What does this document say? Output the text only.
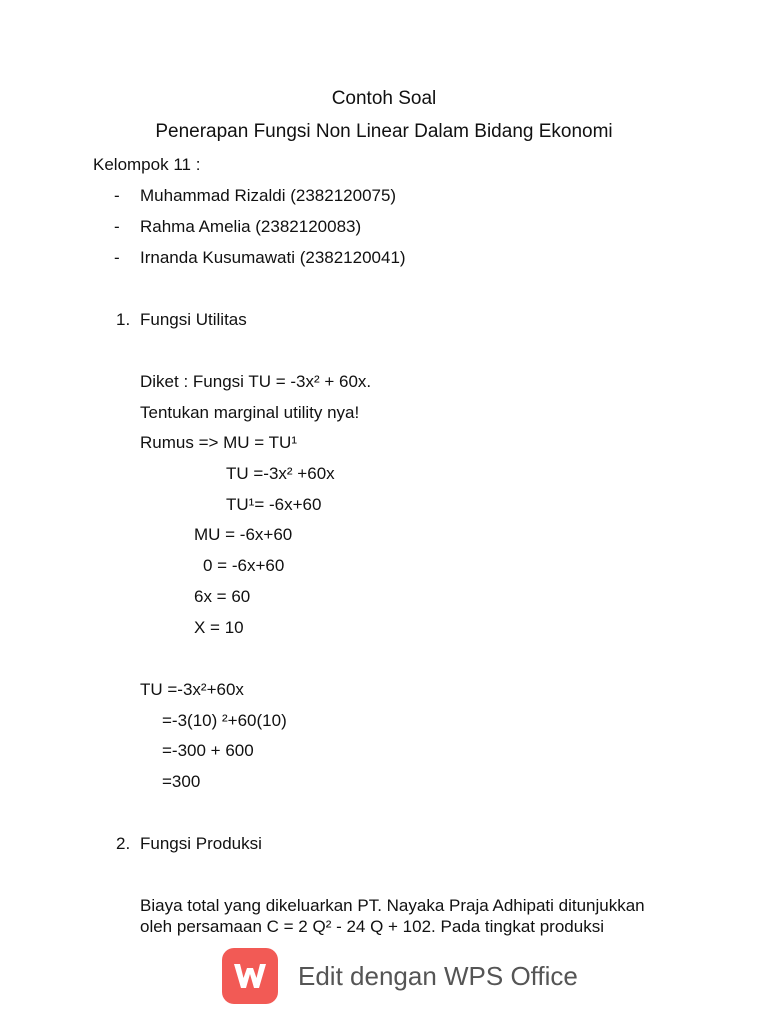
Contoh Soal
Penerapan Fungsi Non Linear Dalam Bidang Ekonomi
Kelompok 11 :
- Muhammad Rizaldi (2382120075)
- Rahma Amelia (2382120083)
- Irnanda Kusumawati (2382120041)
1. Fungsi Utilitas
Diket : Fungsi TU = -3x² + 60x.
Tentukan marginal utility nya!
Rumus => MU = TU¹
TU =-3x² +60x
TU¹= -6x+60
MU = -6x+60
0 = -6x+60
6x = 60
X = 10
TU =-3x²+60x
=-3(10) ²+60(10)
=-300 + 600
=300
2. Fungsi Produksi
Biaya total yang dikeluarkan PT. Nayaka Praja Adhipati ditunjukkan
oleh persamaan C = 2 Q² - 24 Q + 102. Pada tingkat produksi
Edit dengan WPS Office
